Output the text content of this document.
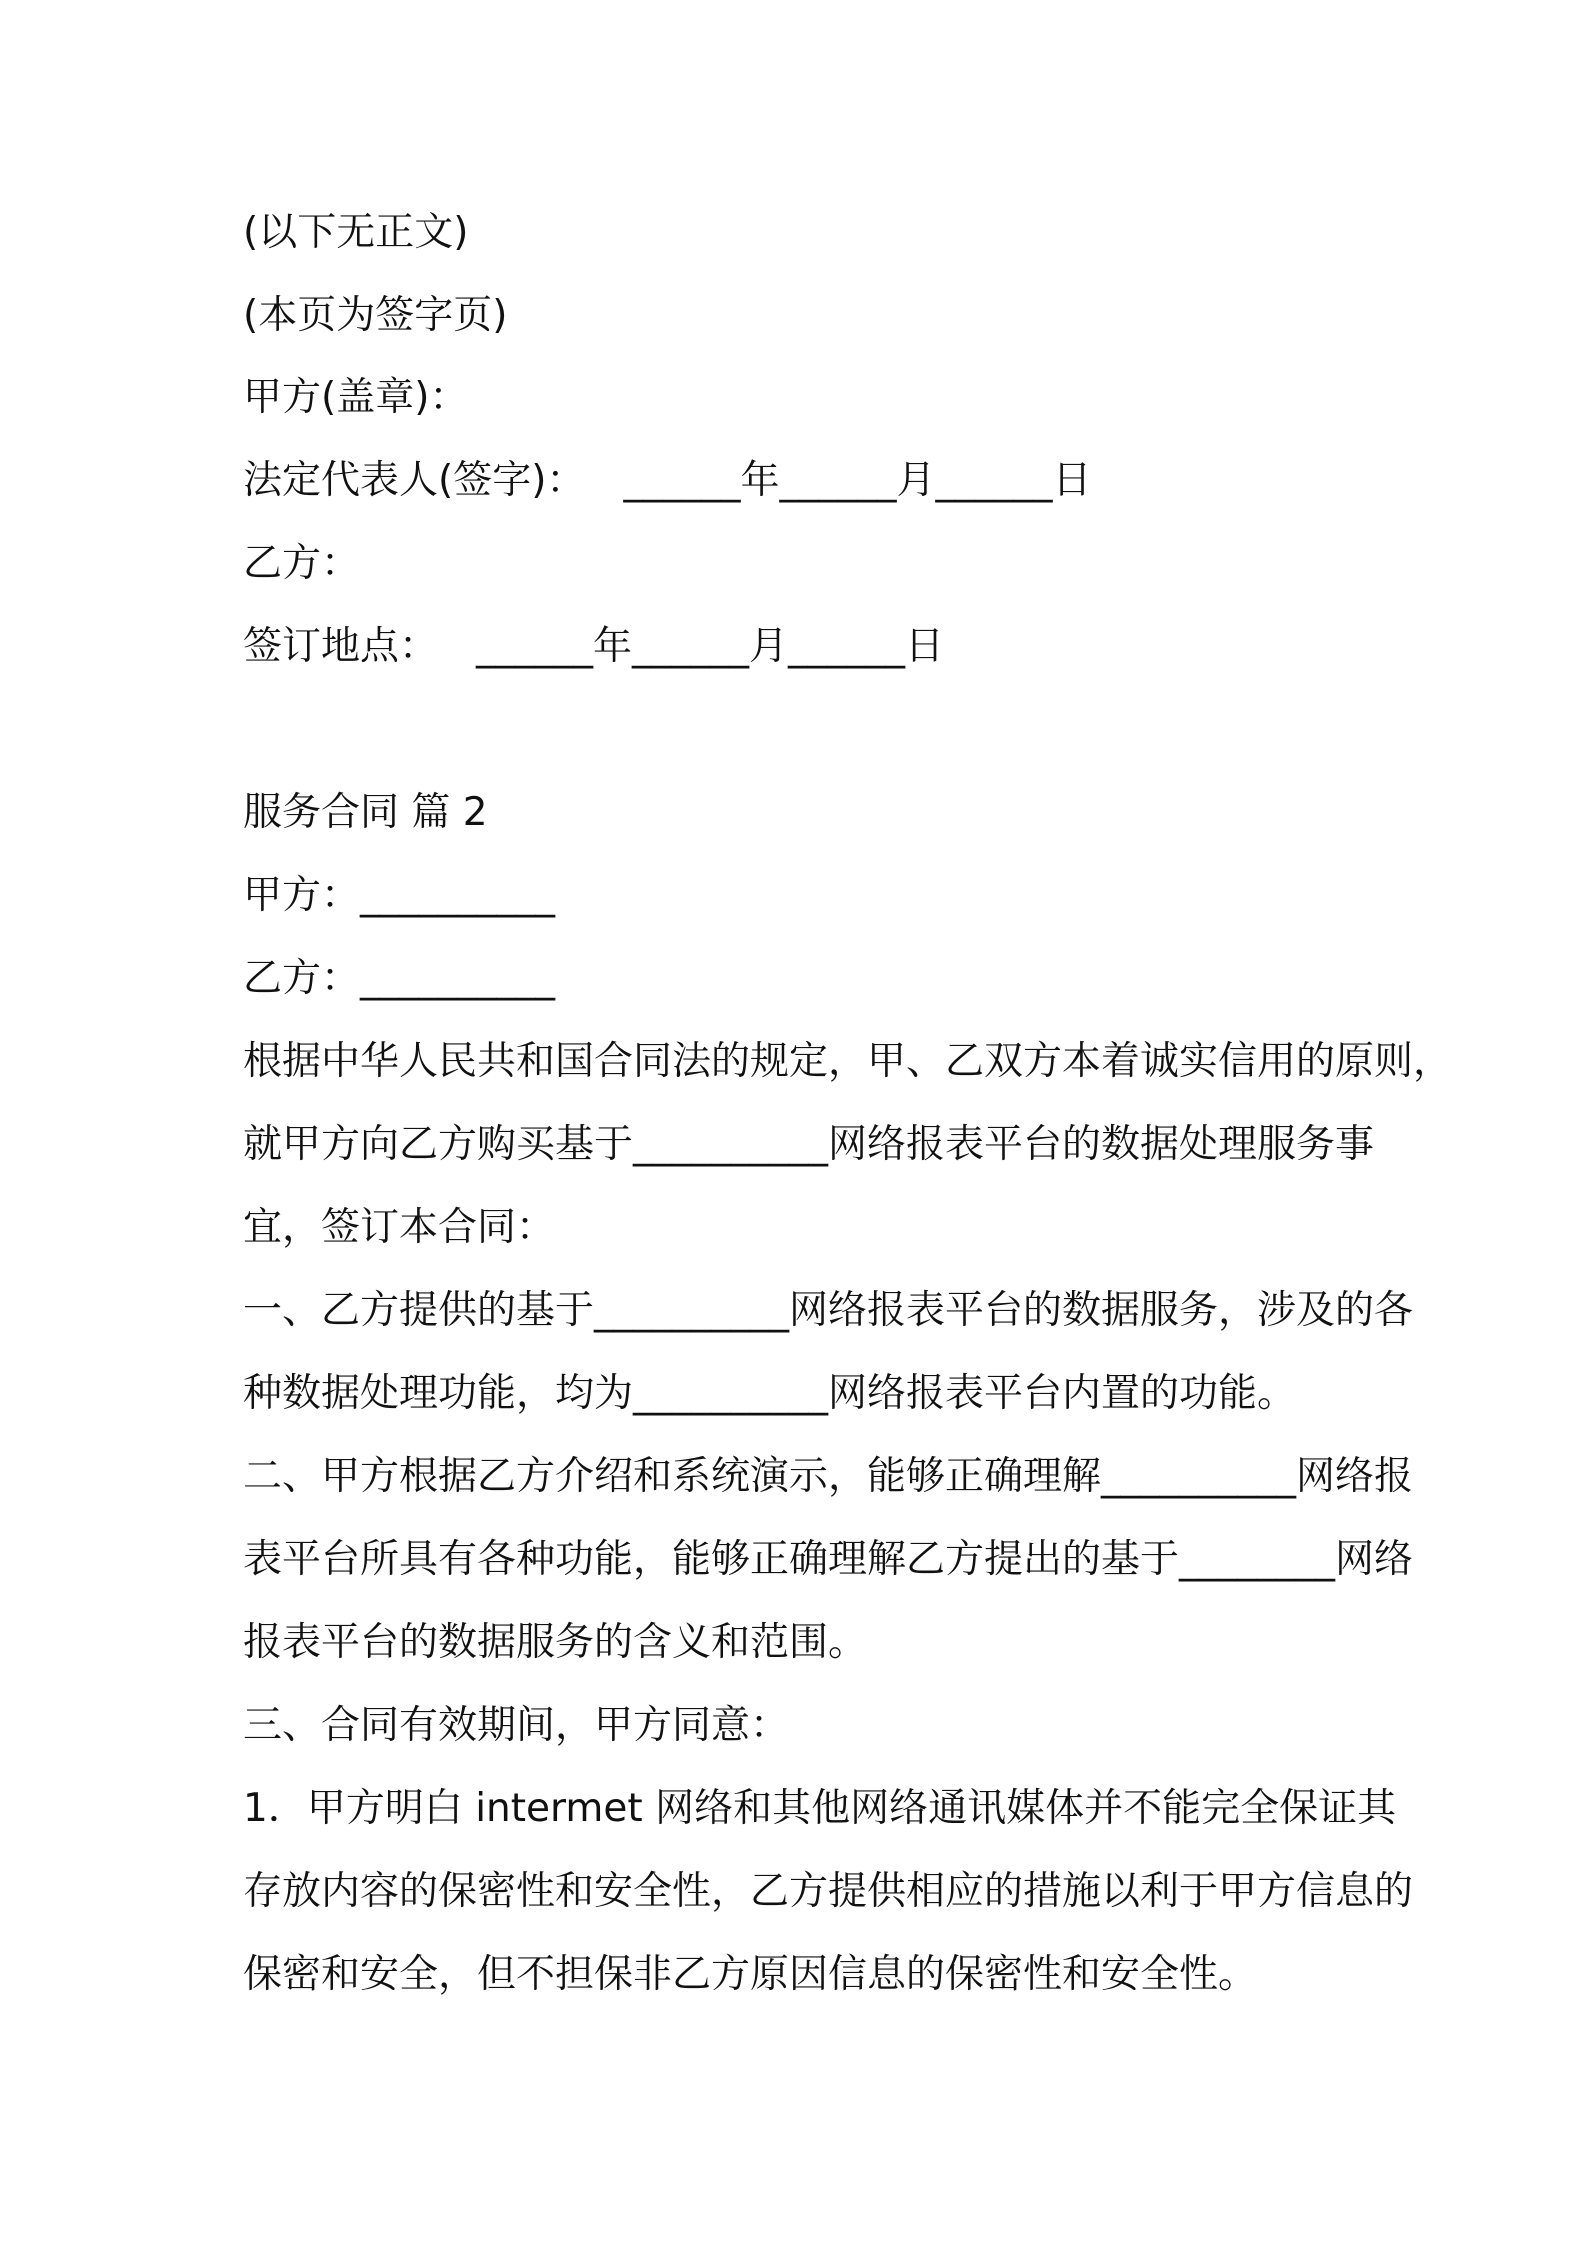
(以下无正文)
(本页为签字页)
甲方(盖章)：
法定代表人(签字)： ______年______月______日
乙方：
签订地点： ______年______月______日
服务合同 篇 2
甲方：__________
乙方：__________
根据中华人民共和国合同法的规定，甲、乙双方本着诚实信用的原则，
就甲方向乙方购买基于__________网络报表平台的数据处理服务事
宜，签订本合同：
一、乙方提供的基于__________网络报表平台的数据服务，涉及的各
种数据处理功能，均为__________网络报表平台内置的功能。
二、甲方根据乙方介绍和系统演示，能够正确理解__________网络报
表平台所具有各种功能，能够正确理解乙方提出的基于________网络
报表平台的数据服务的含义和范围。
三、合同有效期间，甲方同意：
1．甲方明白 intermet 网络和其他网络通讯媒体并不能完全保证其
存放内容的保密性和安全性，乙方提供相应的措施以利于甲方信息的
保密和安全，但不担保非乙方原因信息的保密性和安全性。
